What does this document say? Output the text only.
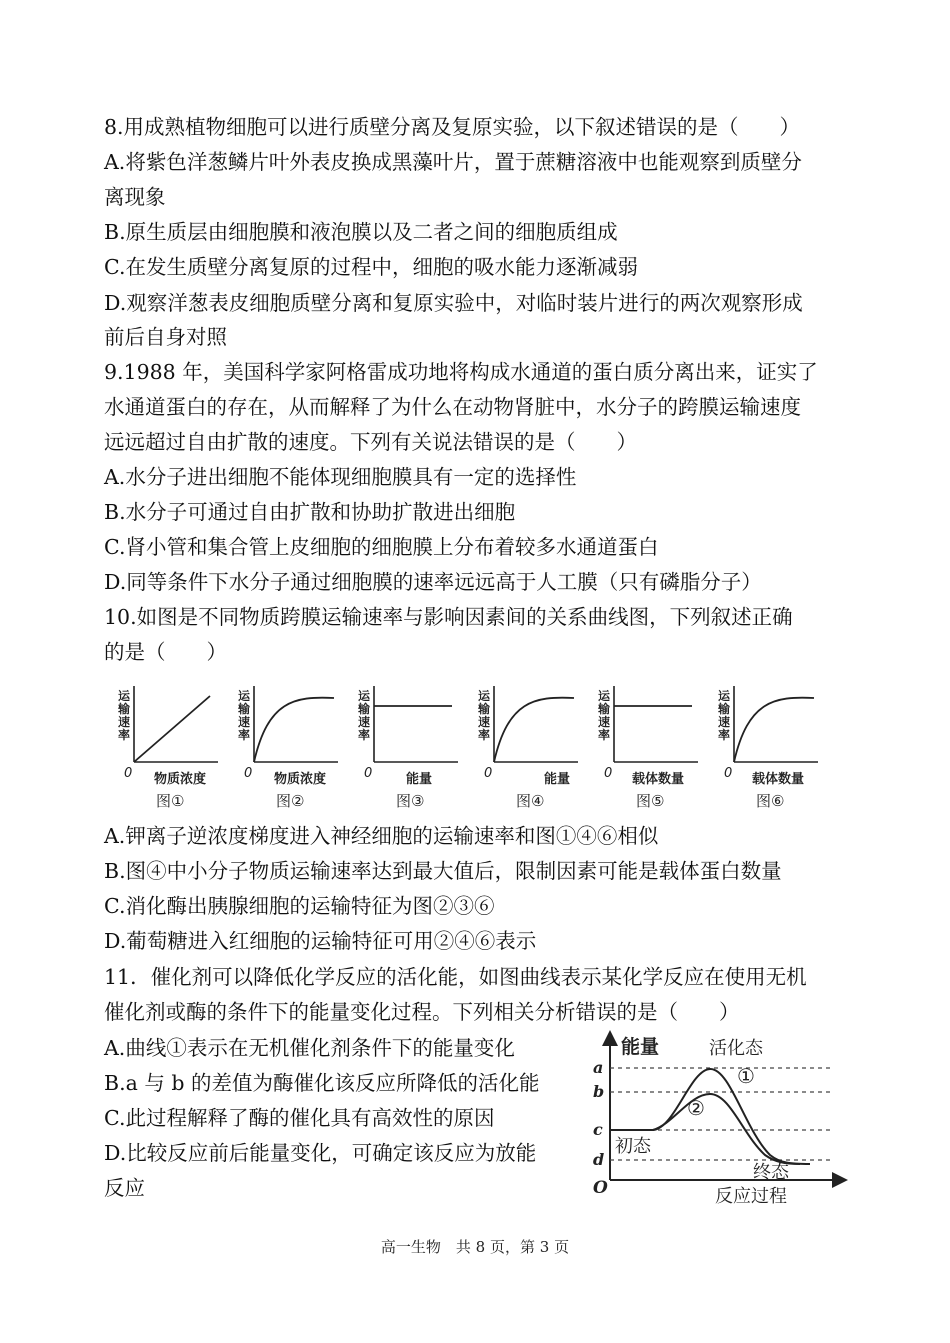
8.用成熟植物细胞可以进行质壁分离及复原实验，以下叙述错误的是（　　）
A.将紫色洋葱鳞片叶外表皮换成黑藻叶片，置于蔗糖溶液中也能观察到质壁分
离现象
B.原生质层由细胞膜和液泡膜以及二者之间的细胞质组成
C.在发生质壁分离复原的过程中，细胞的吸水能力逐渐减弱
D.观察洋葱表皮细胞质壁分离和复原实验中，对临时装片进行的两次观察形成
前后自身对照
9.1988 年，美国科学家阿格雷成功地将构成水通道的蛋白质分离出来，证实了
水通道蛋白的存在，从而解释了为什么在动物肾脏中，水分子的跨膜运输速度
远远超过自由扩散的速度。下列有关说法错误的是（　　）
A.水分子进出细胞不能体现细胞膜具有一定的选择性
B.水分子可通过自由扩散和协助扩散进出细胞
C.肾小管和集合管上皮细胞的细胞膜上分布着较多水通道蛋白
D.同等条件下水分子通过细胞膜的速率远远高于人工膜（只有磷脂分子）
10.如图是不同物质跨膜运输速率与影响因素间的关系曲线图，下列叙述正确
的是（　　）
运输速率
0 物质浓度
图①
运输速率
0 物质浓度
图②
运输速率
0	能量
图③
运输速率
0	能量
图④
运输速率
0 载体数量
图⑤
运输速率
0 载体数量
图⑥
A.钾离子逆浓度梯度进入神经细胞的运输速率和图①④⑥相似
B.图④中小分子物质运输速率达到最大值后，限制因素可能是载体蛋白数量
C.消化酶出胰腺细胞的运输特征为图②③⑥
D.葡萄糖进入红细胞的运输特征可用②④⑥表示
11．催化剂可以降低化学反应的活化能，如图曲线表示某化学反应在使用无机
催化剂或酶的条件下的能量变化过程。下列相关分析错误的是（　　）
A.曲线①表示在无机催化剂条件下的能量变化
B.a 与 b 的差值为酶催化该反应所降低的活化能
C.此过程解释了酶的催化具有高效性的原因
D.比较反应前后能量变化，可确定该反应为放能
反应
能量
a
b
c
d
O
活化态
①
②
初态
终态
反应过程
高一生物　共 8 页，第 3 页
